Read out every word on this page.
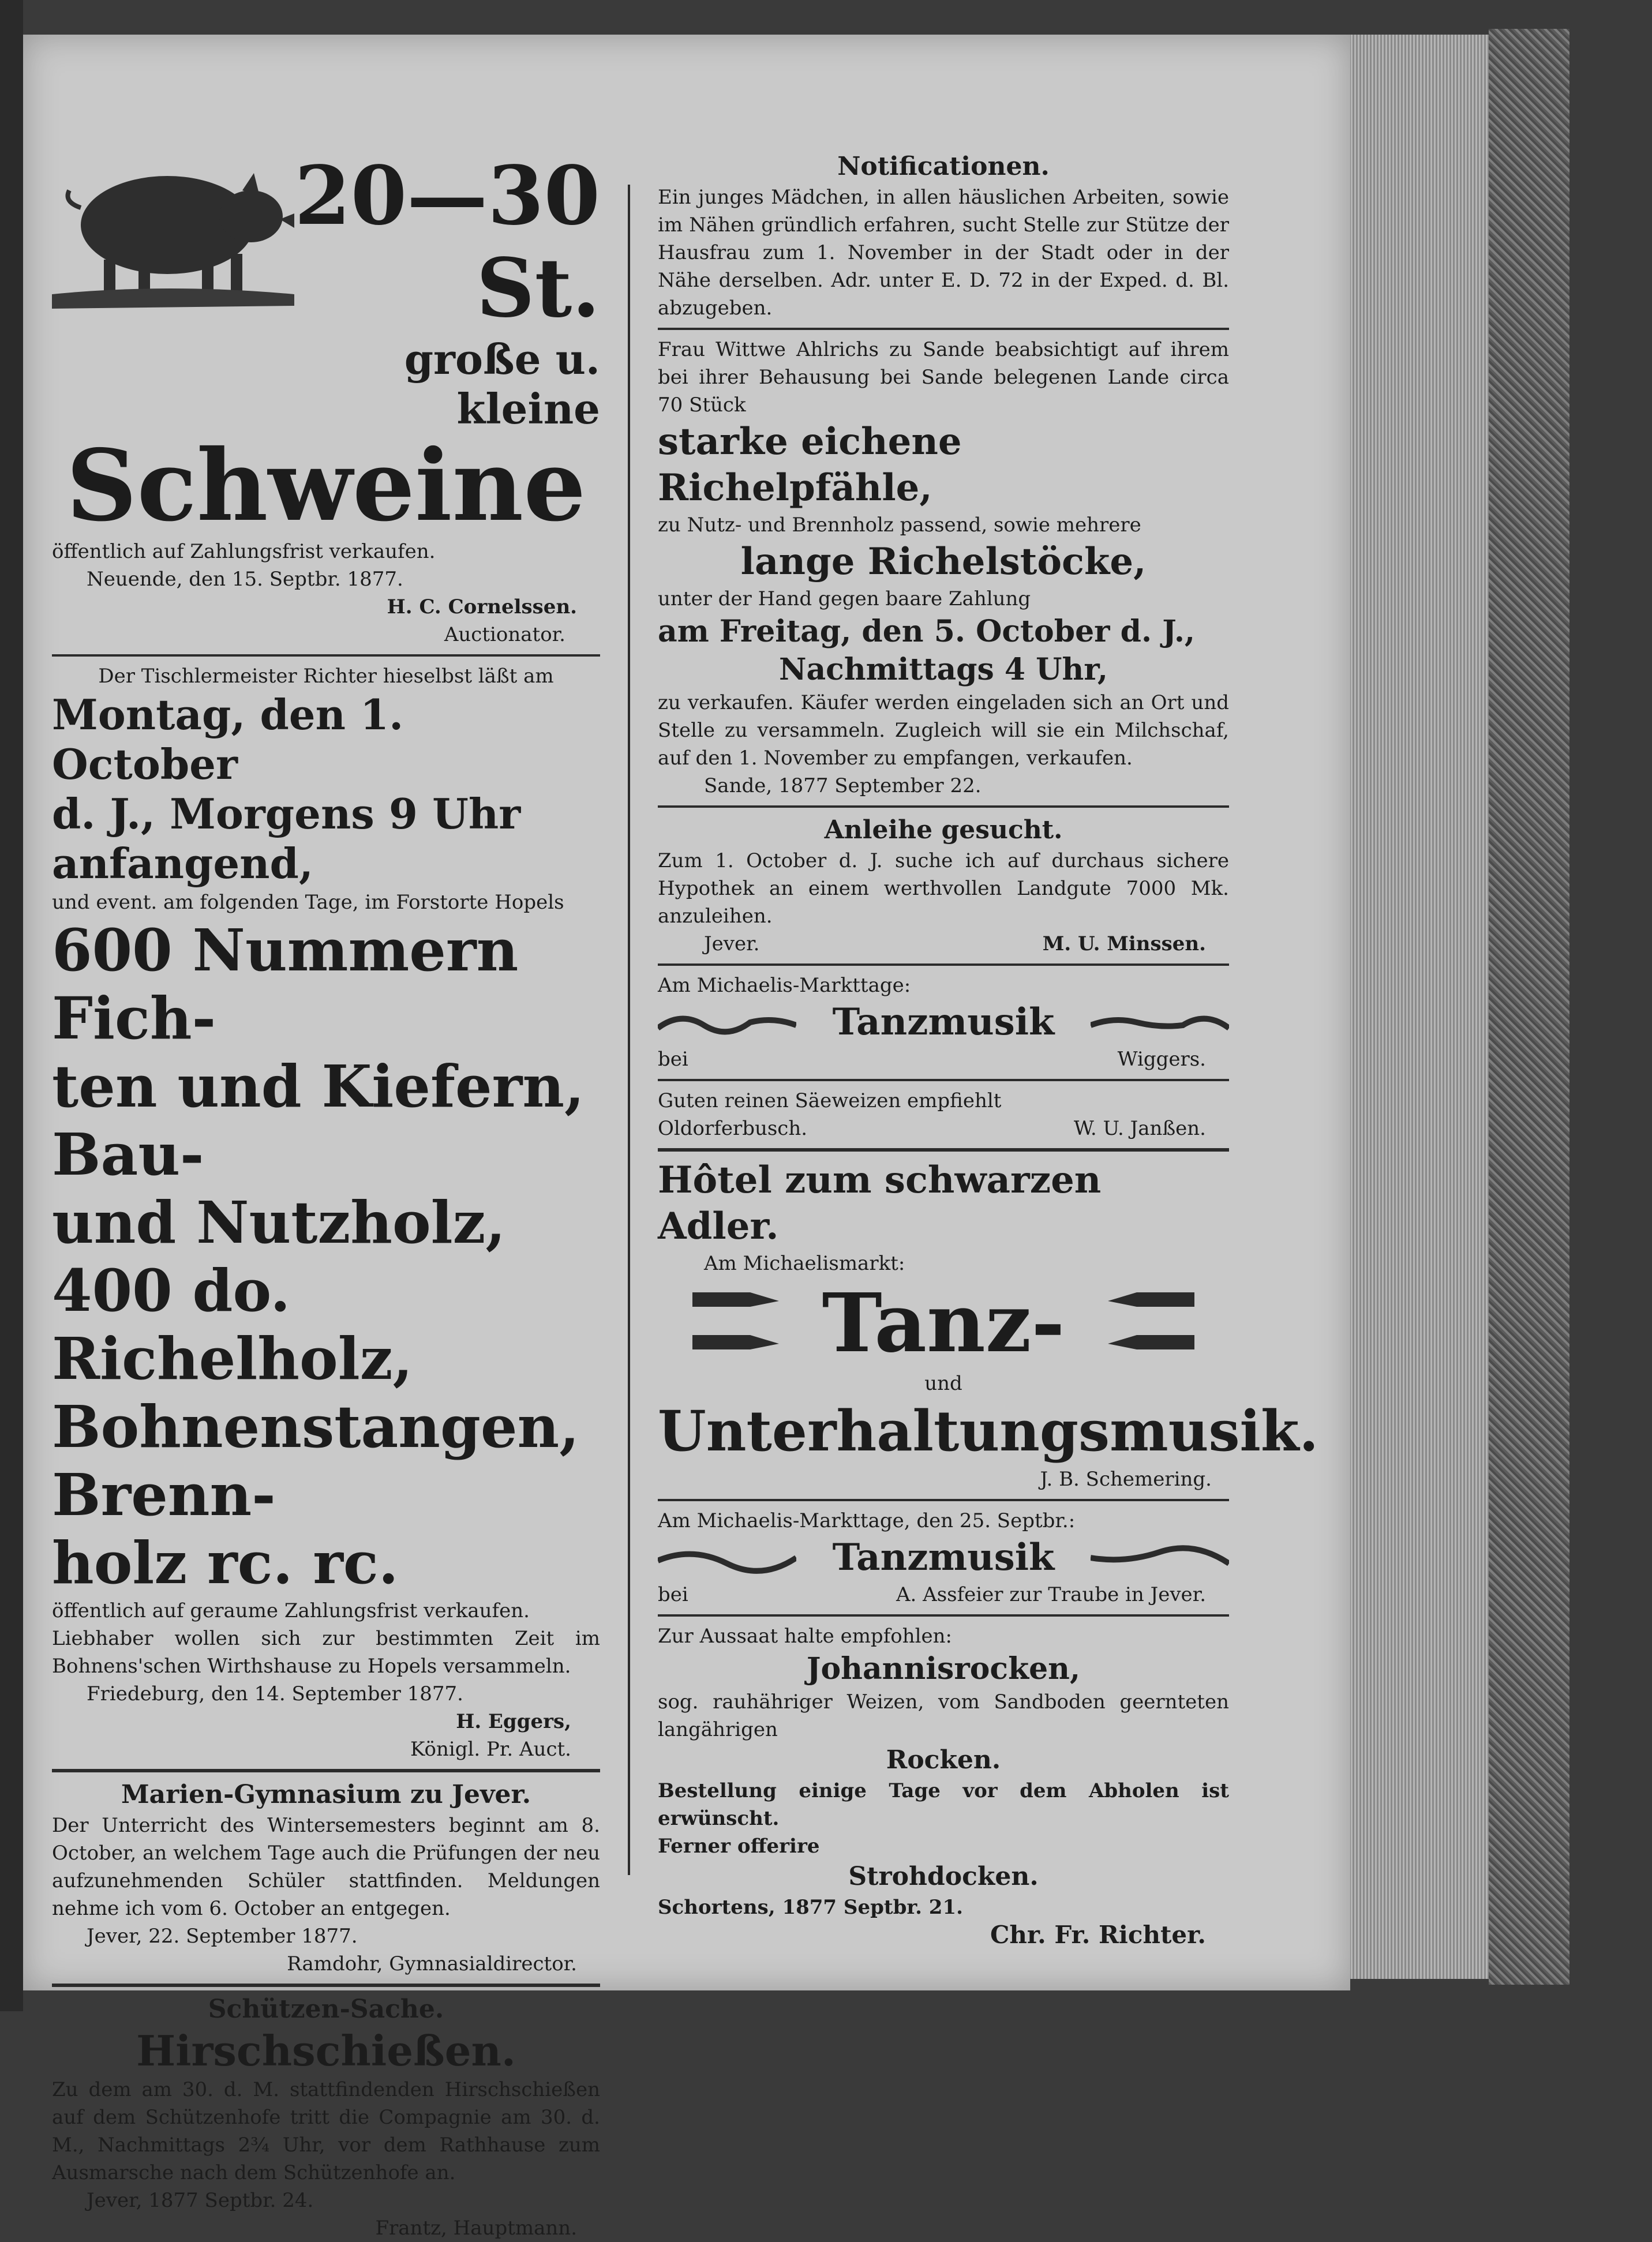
20—30 St.
große u. kleine
Schweine
öffentlich auf Zahlungsfrist verkaufen.
Neuende, den 15. Septbr. 1877.
H. C. Cornelssen.
Auctionator.
Der Tischlermeister Richter hieselbst läßt am
Montag, den 1. October
d. J., Morgens 9 Uhr
anfangend,
und event. am folgenden Tage, im Forstorte Hopels
600 Nummern Fich-
ten und Kiefern, Bau-
und Nutzholz,
400 do. Richelholz,
Bohnenstangen, Brenn-
holz rc. rc.
öffentlich auf geraume Zahlungsfrist verkaufen.
Liebhaber wollen sich zur bestimmten Zeit im Bohnens'schen Wirthshause zu Hopels versammeln.
Friedeburg, den 14. September 1877.
H. Eggers,
Königl. Pr. Auct.
Marien-Gymnasium zu Jever.
Der Unterricht des Wintersemesters beginnt am 8. October, an welchem Tage auch die Prüfungen der neu aufzunehmenden Schüler stattfinden. Meldungen nehme ich vom 6. October an entgegen.
Jever, 22. September 1877.
Ramdohr, Gymnasialdirector.
Schützen-Sache.
Hirschschießen.
Zu dem am 30. d. M. stattfindenden Hirschschießen auf dem Schützenhofe tritt die Compagnie am 30. d. M., Nachmittags 2¾ Uhr, vor dem Rathhause zum Ausmarsche nach dem Schützenhofe an.
Jever, 1877 Septbr. 24.
Frantz, Hauptmann.
Notificationen.
Ein junges Mädchen, in allen häuslichen Arbeiten, sowie im Nähen gründlich erfahren, sucht Stelle zur Stütze der Hausfrau zum 1. November in der Stadt oder in der Nähe derselben. Adr. unter E. D. 72 in der Exped. d. Bl. abzugeben.
Frau Wittwe Ahlrichs zu Sande beabsichtigt auf ihrem bei ihrer Behausung bei Sande belegenen Lande circa 70 Stück
starke eichene Richelpfähle,
zu Nutz- und Brennholz passend, sowie mehrere
lange Richelstöcke,
unter der Hand gegen baare Zahlung
am Freitag, den 5. October d. J.,
Nachmittags 4 Uhr,
zu verkaufen. Käufer werden eingeladen sich an Ort und Stelle zu versammeln. Zugleich will sie ein Milchschaf, auf den 1. November zu empfangen, verkaufen.
Sande, 1877 September 22.
Anleihe gesucht.
Zum 1. October d. J. suche ich auf durchaus sichere Hypothek an einem werthvollen Landgute 7000 Mk. anzuleihen.
Jever.	M. U. Minssen.
Am Michaelis-Markttage:
Tanzmusik
bei	Wiggers.
Guten reinen Säeweizen empfiehlt
Oldorferbusch.	W. U. Janßen.
Hôtel zum schwarzen Adler.
Am Michaelismarkt:

Tanz-

und
Unterhaltungsmusik.
J. B. Schemering.
Am Michaelis-Markttage, den 25. Septbr.:
Tanzmusik
bei	A. Assfeier zur Traube in Jever.
Zur Aussaat halte empfohlen:
Johannisrocken,
sog. rauhähriger Weizen, vom Sandboden geernteten langährigen
Rocken.
Bestellung einige Tage vor dem Abholen ist erwünscht.
Ferner offerire
Strohdocken.
Schortens, 1877 Septbr. 21.
Chr. Fr. Richter.
